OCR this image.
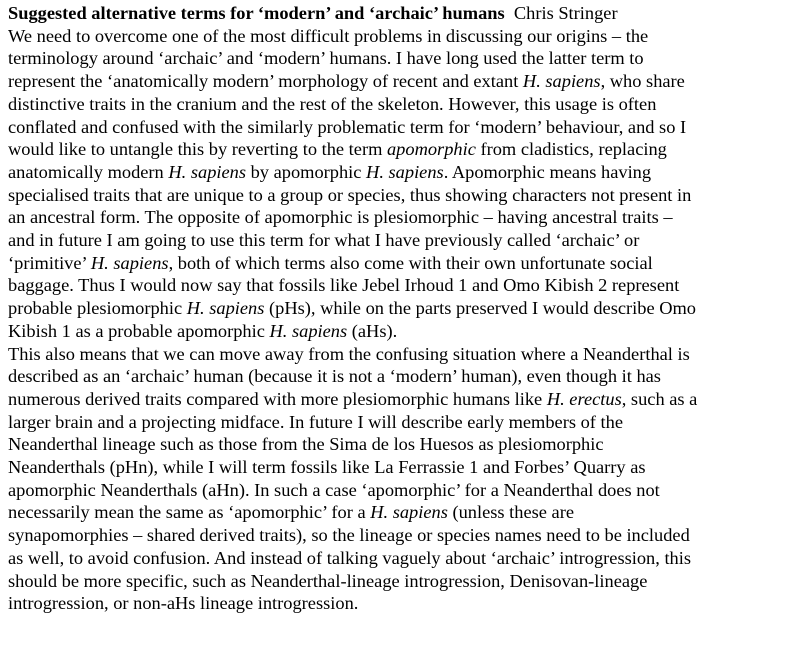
Suggested alternative terms for ‘modern’ and ‘archaic’ humans Chris Stringer
We need to overcome one of the most difficult problems in discussing our origins – the
terminology around ‘archaic’ and ‘modern’ humans. I have long used the latter term to
represent the ‘anatomically modern’ morphology of recent and extant H. sapiens, who share
distinctive traits in the cranium and the rest of the skeleton. However, this usage is often
conflated and confused with the similarly problematic term for ‘modern’ behaviour, and so I
would like to untangle this by reverting to the term apomorphic from cladistics, replacing
anatomically modern H. sapiens by apomorphic H. sapiens. Apomorphic means having
specialised traits that are unique to a group or species, thus showing characters not present in
an ancestral form. The opposite of apomorphic is plesiomorphic – having ancestral traits –
and in future I am going to use this term for what I have previously called ‘archaic’ or
‘primitive’ H. sapiens, both of which terms also come with their own unfortunate social
baggage. Thus I would now say that fossils like Jebel Irhoud 1 and Omo Kibish 2 represent
probable plesiomorphic H. sapiens (pHs), while on the parts preserved I would describe Omo
Kibish 1 as a probable apomorphic H. sapiens (aHs).
This also means that we can move away from the confusing situation where a Neanderthal is
described as an ‘archaic’ human (because it is not a ‘modern’ human), even though it has
numerous derived traits compared with more plesiomorphic humans like H. erectus, such as a
larger brain and a projecting midface. In future I will describe early members of the
Neanderthal lineage such as those from the Sima de los Huesos as plesiomorphic
Neanderthals (pHn), while I will term fossils like La Ferrassie 1 and Forbes’ Quarry as
apomorphic Neanderthals (aHn). In such a case ‘apomorphic’ for a Neanderthal does not
necessarily mean the same as ‘apomorphic’ for a H. sapiens (unless these are
synapomorphies – shared derived traits), so the lineage or species names need to be included
as well, to avoid confusion. And instead of talking vaguely about ‘archaic’ introgression, this
should be more specific, such as Neanderthal-lineage introgression, Denisovan-lineage
introgression, or non-aHs lineage introgression.
